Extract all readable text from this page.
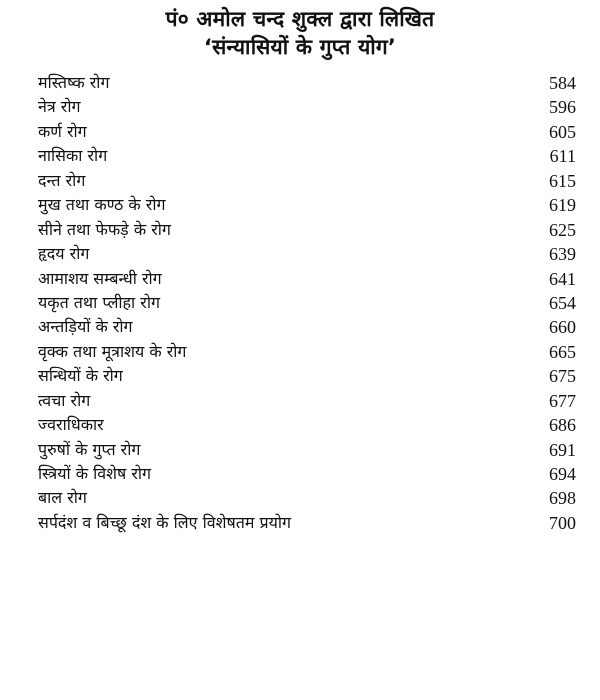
पं० अमोल चन्द शुक्ल द्वारा लिखित
‘संन्यासियों के गुप्त योग’
मस्तिष्क रोग	584
नेत्र रोग	596
कर्ण रोग	605
नासिका रोग	611
दन्त रोग	615
मुख तथा कण्ठ के रोग	619
सीने तथा फेफड़े के रोग	625
हृदय रोग	639
आमाशय सम्बन्धी रोग	641
यकृत तथा प्लीहा रोग	654
अन्तड़ियों के रोग	660
वृक्क तथा मूत्राशय के रोग	665
सन्धियों के रोग	675
त्वचा रोग	677
ज्वराधिकार	686
पुरुषों के गुप्त रोग	691
स्त्रियों के विशेष रोग	694
बाल रोग	698
सर्पदंश व बिच्छू दंश के लिए विशेषतम प्रयोग	700
